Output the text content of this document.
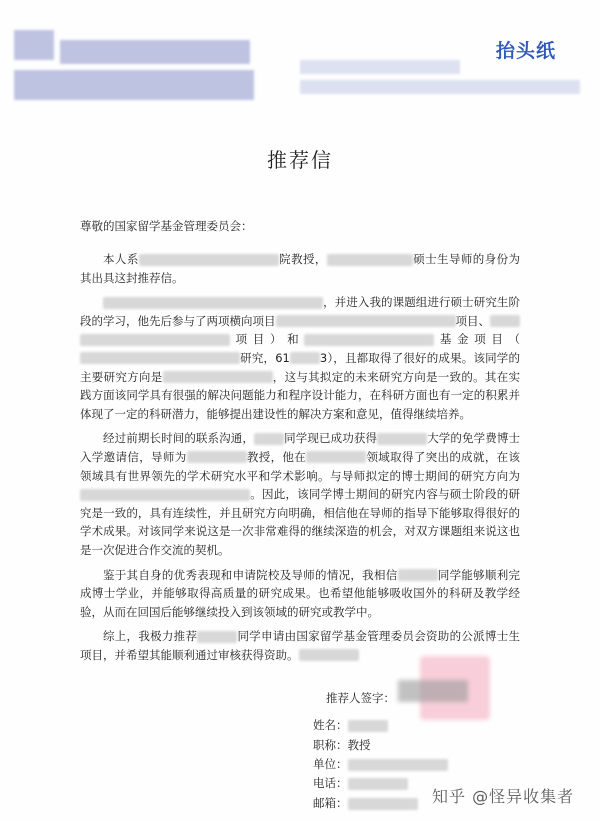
抬头纸
推荐信
尊敬的国家留学基金管理委员会：

本人系	院教授，	硕士生导师的身份为其出具这封推荐信。

，并进入我的课题组进行硕士研究生阶段的学习，他先后参与了两项横向项目	项目、项目）和	基金项目（研究，61	3），且都取得了很好的成果。该同学的主要研究方向是	，这与其拟定的未来研究方向是一致的。其在实践方面该同学具有很强的解决问题能力和程序设计能力，在科研方面也有一定的积累并体现了一定的科研潜力，能够提出建设性的解决方案和意见，值得继续培养。

经过前期长时间的联系沟通，	同学现已成功获得	大学的免学费博士入学邀请信，导师为	教授，他在	领域取得了突出的成就，在该领域具有世界领先的学术研究水平和学术影响。与导师拟定的博士期间的研究方向为。因此，该同学博士期间的研究内容与硕士阶段的研究是一致的，具有连续性，并且研究方向明确，相信他在导师的指导下能够取得很好的学术成果。对该同学来说这是一次非常难得的继续深造的机会，对双方课题组来说这也是一次促进合作交流的契机。

鉴于其自身的优秀表现和申请院校及导师的情况，我相信	同学能够顺利完成博士学业，并能够取得高质量的研究成果。也希望他能够吸收国外的科研及教学经验，从而在回国后能够继续投入到该领域的研究或教学中。

综上，我极力推荐	同学申请由国家留学基金管理委员会资助的公派博士生项目，并希望其能顺利通过审核获得资助。

推荐人签字：
姓名：
职称：教授
单位：
电话：
邮箱：	知乎 @怪异收集者
